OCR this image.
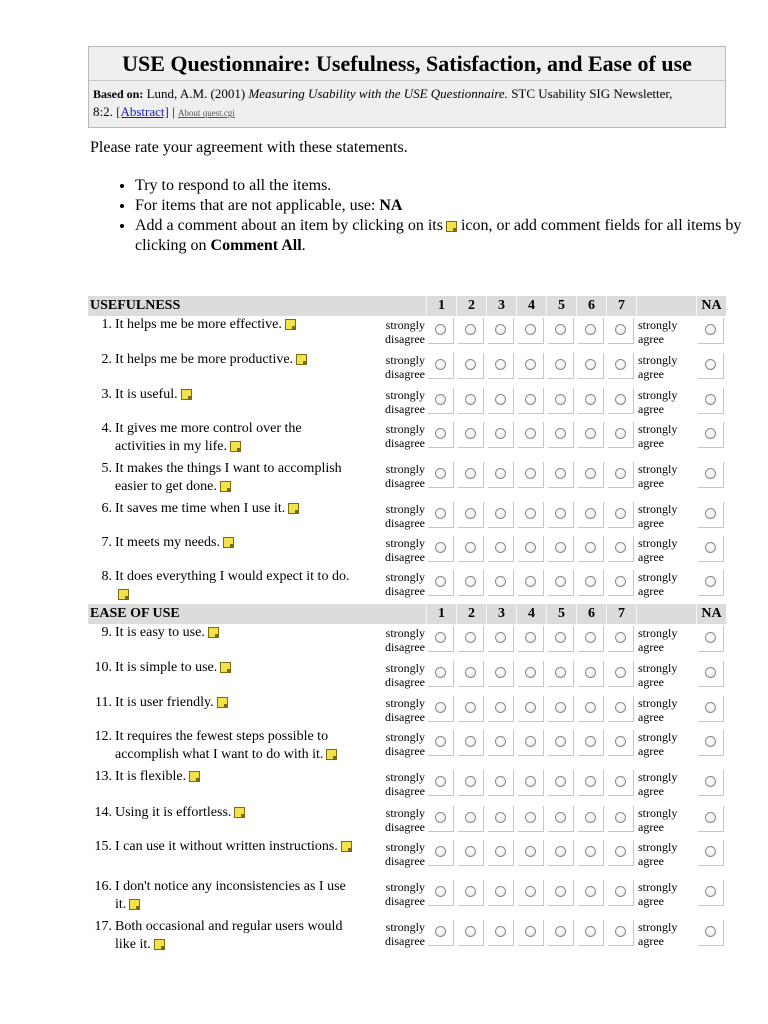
USE Questionnaire: Usefulness, Satisfaction, and Ease of use
Based on: Lund, A.M. (2001) Measuring Usability with the USE Questionnaire. STC Usability SIG Newsletter,
8:2. [Abstract] | About quest.cgi
Please rate your agreement with these statements.
• Try to respond to all the items.
• For items that are not applicable, use: NA
• Add a comment about an item by clicking on its icon, or add comment fields for all items by clicking on Comment All.
USEFULNESS		1	2	3	4	5	6	7		NA
1. It helps me be more effective.	strongly disagree								strongly agree	
2. It helps me be more productive.	strongly disagree								strongly agree	
3. It is useful.	strongly disagree								strongly agree	
4. It gives me more control over the activities in my life.	strongly disagree								strongly agree	
5. It makes the things I want to accomplish easier to get done.	strongly disagree								strongly agree	
6. It saves me time when I use it.	strongly disagree								strongly agree	
7. It meets my needs.	strongly disagree								strongly agree	
8. It does everything I would expect it to do.	strongly disagree								strongly agree	
EASE OF USE		1	2	3	4	5	6	7		NA
9. It is easy to use.	strongly disagree								strongly agree	
10. It is simple to use.	strongly disagree								strongly agree	
11. It is user friendly.	strongly disagree								strongly agree	
12. It requires the fewest steps possible to accomplish what I want to do with it.	strongly disagree								strongly agree	
13. It is flexible.	strongly disagree								strongly agree	
14. Using it is effortless.	strongly disagree								strongly agree	
15. I can use it without written instructions.	strongly disagree								strongly agree	
16. I don't notice any inconsistencies as I use it.	strongly disagree								strongly agree	
17. Both occasional and regular users would like it.	strongly disagree								strongly agree	
